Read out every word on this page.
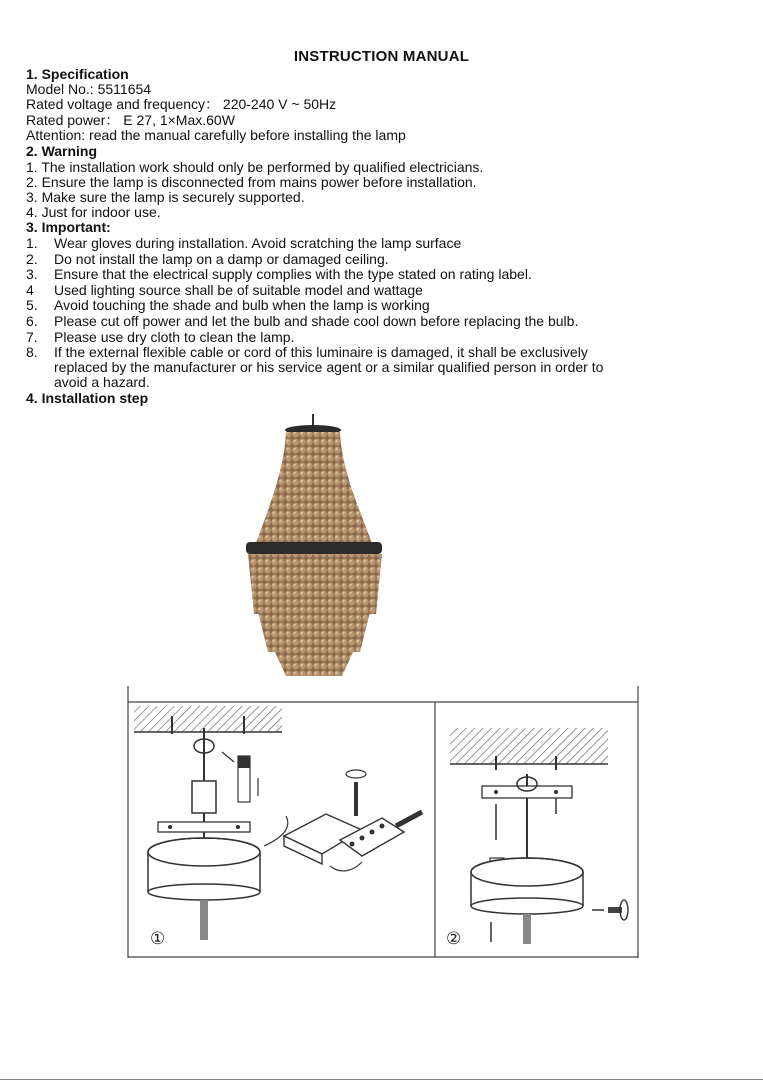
INSTRUCTION MANUAL
1. Specification
Model No.: 5511654
Rated voltage and frequency： 220-240 V ~ 50Hz
Rated power： E 27, 1×Max.60W
Attention: read the manual carefully before installing the lamp
2. Warning
1. The installation work should only be performed by qualified electricians.
2. Ensure the lamp is disconnected from mains power before installation.
3. Make sure the lamp is securely supported.
4. Just for indoor use.
3. Important:
1. Wear gloves during installation. Avoid scratching the lamp surface
2. Do not install the lamp on a damp or damaged ceiling.
3. Ensure that the electrical supply complies with the type stated on rating label.
4 Used lighting source shall be of suitable model and wattage
5. Avoid touching the shade and bulb when the lamp is working
6. Please cut off power and let the bulb and shade cool down before replacing the bulb.
7. Please use dry cloth to clean the lamp.
8. If the external flexible cable or cord of this luminaire is damaged, it shall be exclusively
replaced by the manufacturer or his service agent or a similar qualified person in order to
avoid a hazard.
4. Installation step
①	②
